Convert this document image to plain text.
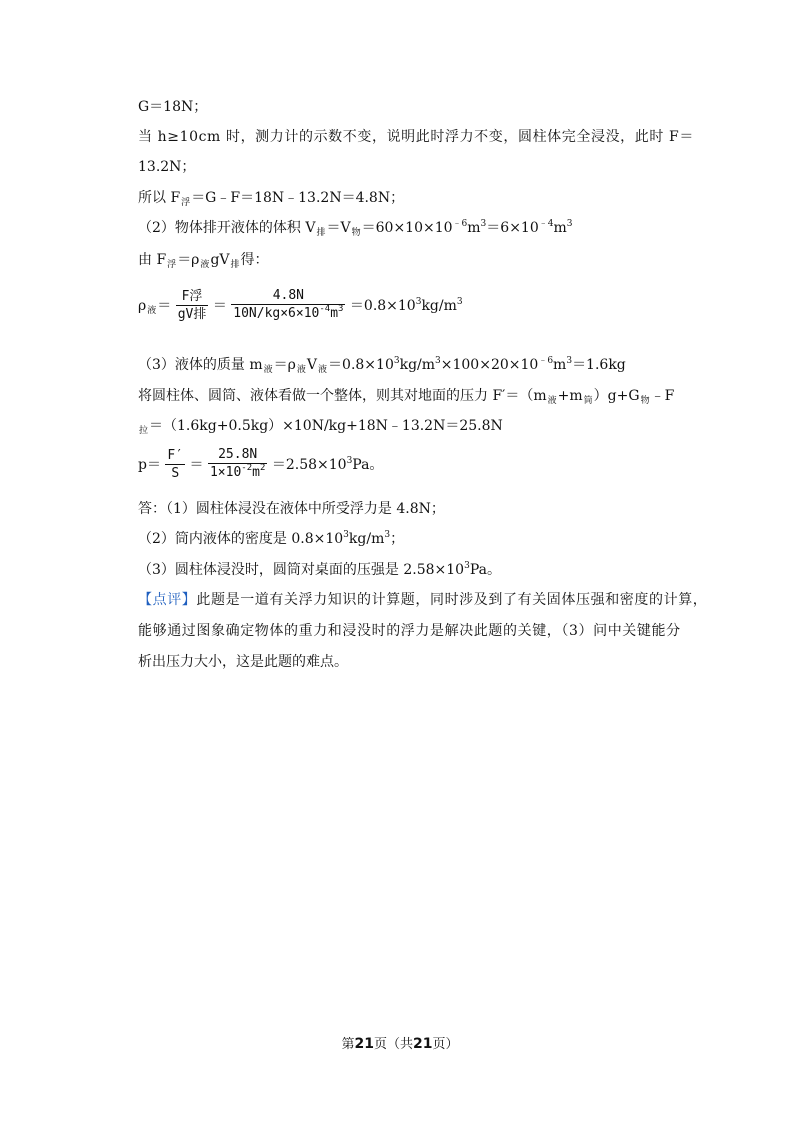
G＝18N；
当 h≥10cm 时，测力计的示数不变，说明此时浮力不变，圆柱体完全浸没，此时 F＝
13.2N；
所以 $F_浮=G﹣F=18N﹣13.2N=4.8N$；
（2）物体排开液体的体积 $V_排=V_物=60\times 10\times 10^{﹣6}m^3=6\times 10^{﹣4}m^3$
由 $F_浮=\rho_液gV_排$得：
$\rho_液= \frac{\text{F浮}}{\text{gV排}} = \frac{4.8N}{10N/kg\times 6\times 10^{-4}m^3} =0.8\times 10^3kg/m^3$
（3）液体的质量 $m_液=\rho_液V_液=0.8\times 10^3kg/m^3\times 100\times 20\times 10^{﹣6}m^3=1.6kg$
将圆柱体、圆筒、液体看做一个整体，则其对地面的压力 $F'=(m_液+m_筒)g+G_物﹣F$
$_拉$＝（1.6kg+0.5kg）×10N/kg+18N﹣13.2N＝25.8N
$p= \frac{F'}{S} = \frac{25.8N}{1\times 10^{-2}m^2} =2.58\times 10^3Pa$。
答：（1）圆柱体浸没在液体中所受浮力是 4.8N；
（2）筒内液体的密度是 $0.8\times 10^3kg/m^3$；
（3）圆柱体浸没时，圆筒对桌面的压强是 $2.58\times 10^3Pa$。
【点评】此题是一道有关浮力知识的计算题，同时涉及到了有关固体压强和密度的计算，
能够通过图象确定物体的重力和浸没时的浮力是解决此题的关键，（3）问中关键能分
析出压力大小，这是此题的难点。
第21页（共21页）
